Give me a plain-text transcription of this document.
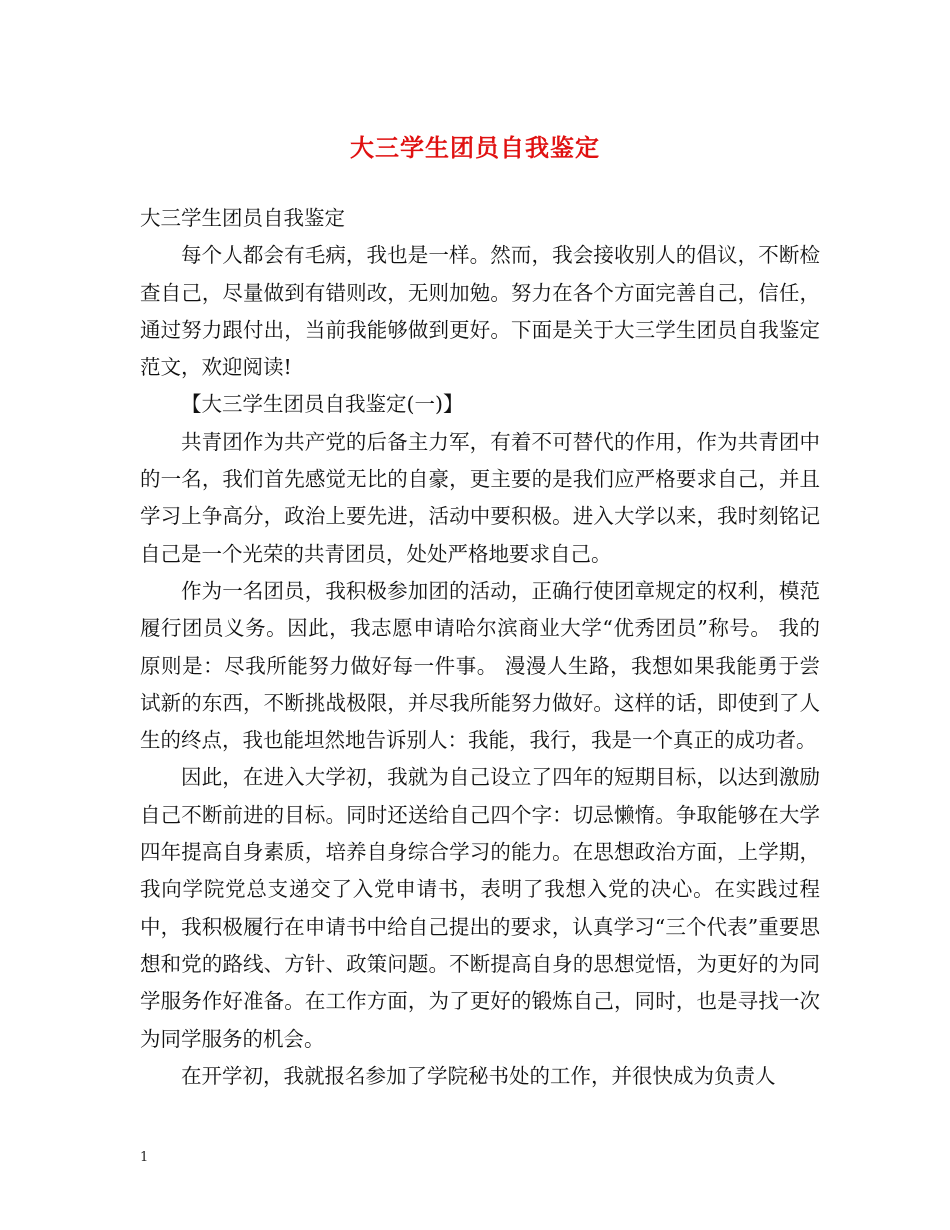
大三学生团员自我鉴定

大三学生团员自我鉴定

每个人都会有毛病，我也是一样。然而，我会接收别人的倡议，不断检查自己，尽量做到有错则改，无则加勉。努力在各个方面完善自己，信任，通过努力跟付出，当前我能够做到更好。下面是关于大三学生团员自我鉴定范文，欢迎阅读!

【大三学生团员自我鉴定(一)】

共青团作为共产党的后备主力军，有着不可替代的作用，作为共青团中的一名，我们首先感觉无比的自豪，更主要的是我们应严格要求自己，并且学习上争高分，政治上要先进，活动中要积极。进入大学以来，我时刻铭记自己是一个光荣的共青团员，处处严格地要求自己。

作为一名团员，我积极参加团的活动，正确行使团章规定的权利，模范履行团员义务。因此，我志愿申请哈尔滨商业大学“优秀团员”称号。 我的原则是：尽我所能努力做好每一件事。 漫漫人生路，我想如果我能勇于尝试新的东西，不断挑战极限，并尽我所能努力做好。这样的话，即使到了人生的终点，我也能坦然地告诉别人：我能，我行，我是一个真正的成功者。

因此，在进入大学初，我就为自己设立了四年的短期目标，以达到激励自己不断前进的目标。同时还送给自己四个字：切忌懒惰。争取能够在大学四年提高自身素质，培养自身综合学习的能力。在思想政治方面，上学期，我向学院党总支递交了入党申请书，表明了我想入党的决心。在实践过程中，我积极履行在申请书中给自己提出的要求，认真学习“三个代表”重要思想和党的路线、方针、政策问题。不断提高自身的思想觉悟，为更好的为同学服务作好准备。在工作方面，为了更好的锻炼自己，同时，也是寻找一次为同学服务的机会。

在开学初，我就报名参加了学院秘书处的工作，并很快成为负责人

1
